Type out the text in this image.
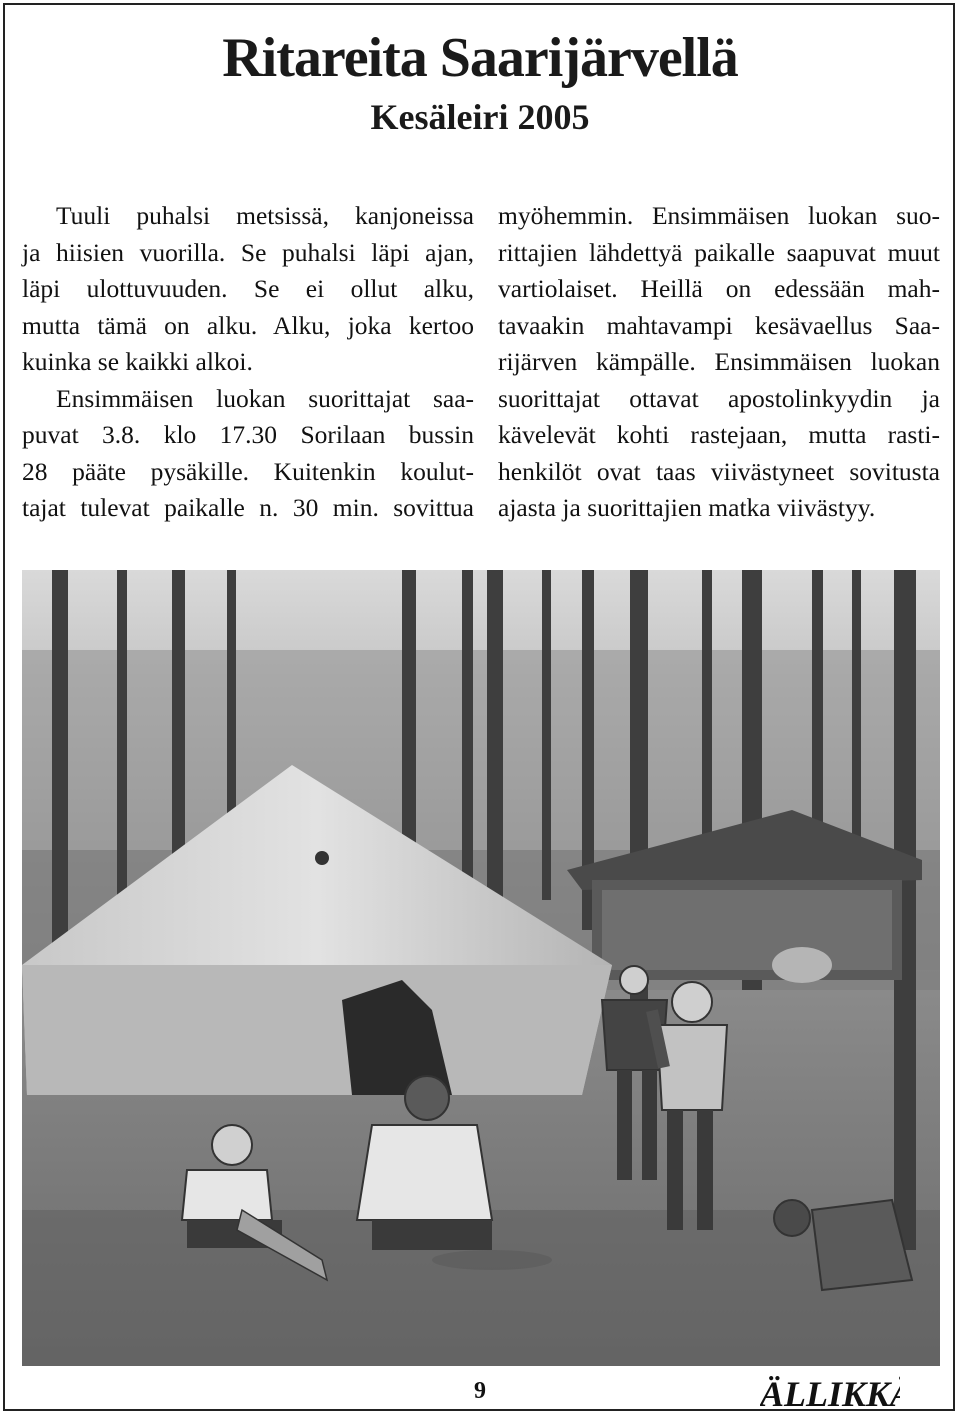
Ritareita Saarijärvellä
Kesäleiri 2005
Tuuli puhalsi metsissä, kanjoneissa
ja hiisien vuorilla. Se puhalsi läpi ajan,
läpi ulottuvuuden. Se ei ollut alku,
mutta tämä on alku. Alku, joka kertoo
kuinka se kaikki alkoi.
Ensimmäisen luokan suorittajat saa-
puvat 3.8. klo 17.30 Sorilaan bussin
28 pääte pysäkille. Kuitenkin koulut-
tajat tulevat paikalle n. 30 min. sovittua
myöhemmin. Ensimmäisen luokan suo-
rittajien lähdettyä paikalle saapuvat muut
vartiolaiset. Heillä on edessään mah-
tavaakin mahtavampi kesävaellus Saa-
rijärven kämpälle. Ensimmäisen luokan
suorittajat ottavat apostolinkyydin ja
kävelevät kohti rastejaan, mutta rasti-
henkilöt ovat taas viivästyneet sovitusta
ajasta ja suorittajien matka viivästyy.
9	ÄLLIKKÄ
